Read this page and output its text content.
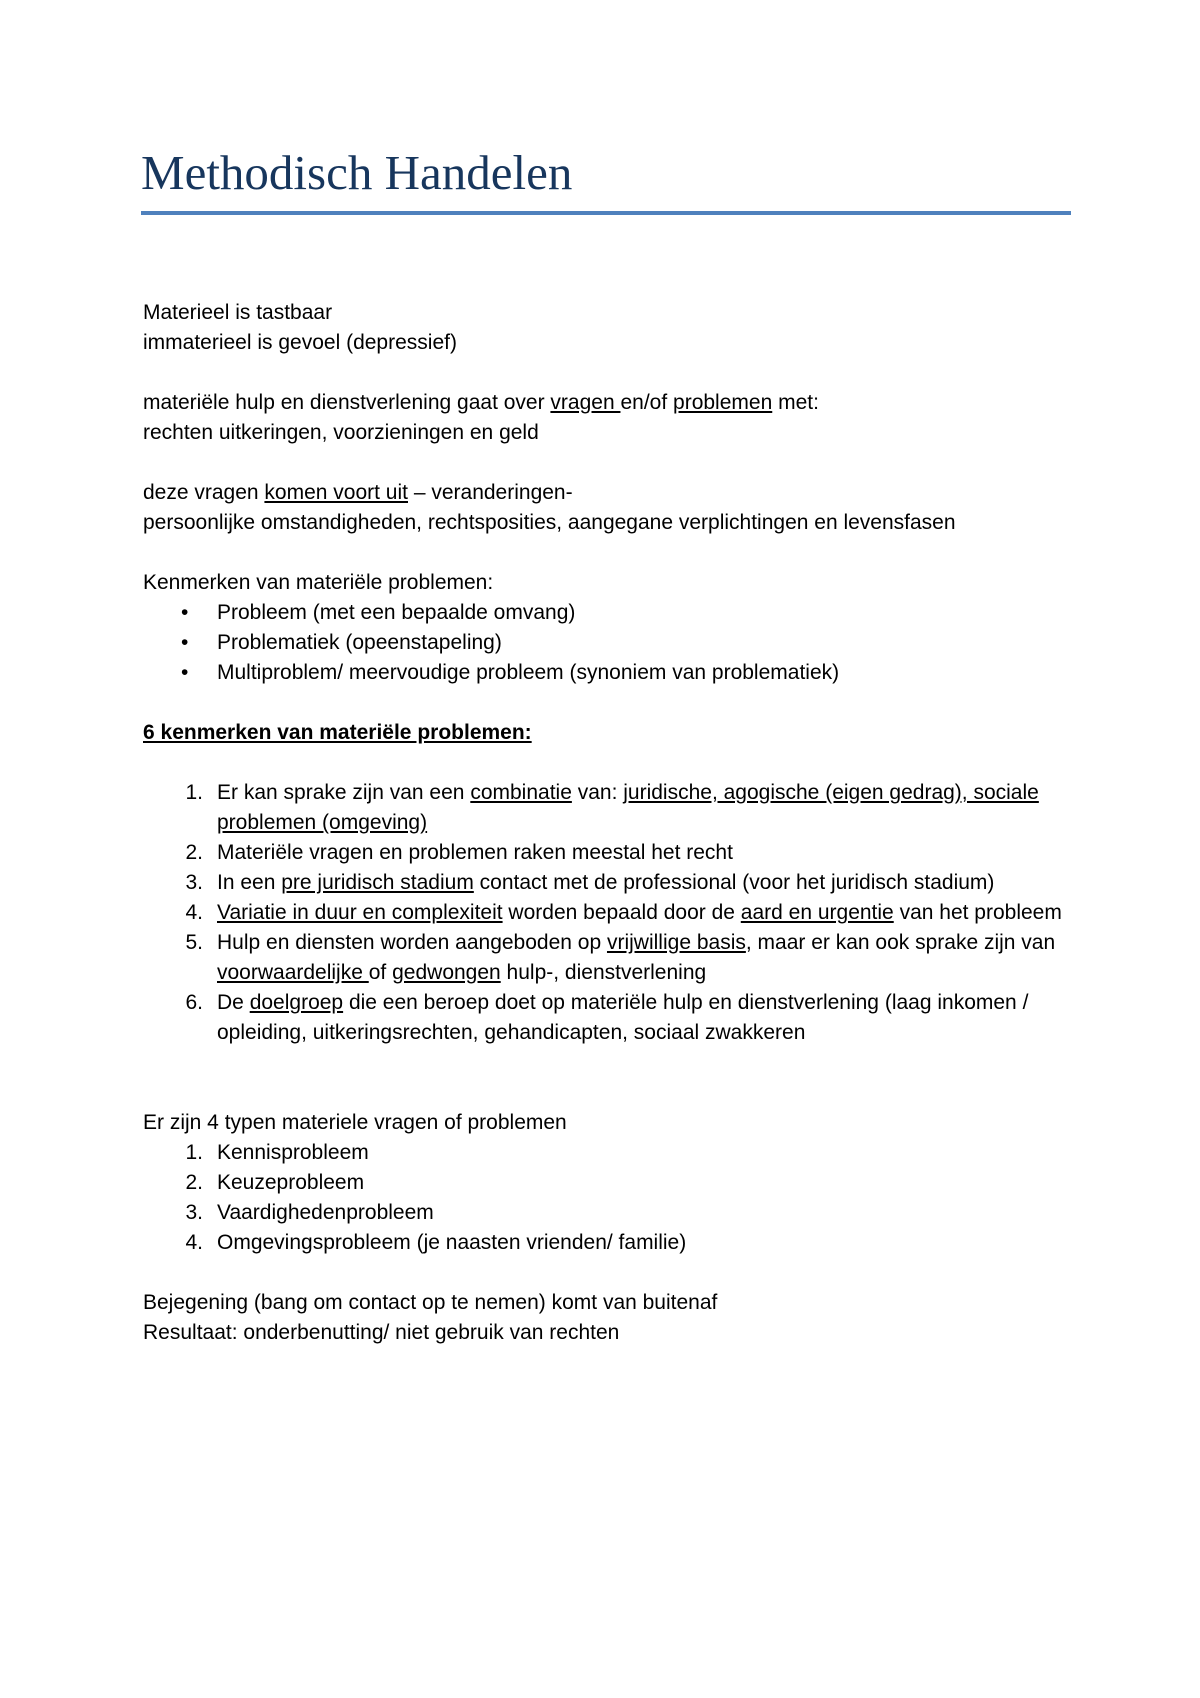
Methodisch Handelen

Materieel is tastbaar

immaterieel is gevoel (depressief)

materiële hulp en dienstverlening gaat over vragen en/of problemen met:

rechten uitkeringen, voorzieningen en geld

deze vragen komen voort uit – veranderingen-

persoonlijke omstandigheden, rechtsposities, aangegane verplichtingen en levensfasen

Kenmerken van materiële problemen:

•	Probleem (met een bepaalde omvang)
•	Problematiek (opeenstapeling)
•	Multiproblem/ meervoudige probleem (synoniem van problematiek)

6 kenmerken van materiële problemen:

1. Er kan sprake zijn van een combinatie van: juridische, agogische (eigen gedrag), sociale problemen (omgeving)
2. Materiële vragen en problemen raken meestal het recht
3. In een pre juridisch stadium contact met de professional (voor het juridisch stadium)
4. Variatie in duur en complexiteit worden bepaald door de aard en urgentie van het probleem
5. Hulp en diensten worden aangeboden op vrijwillige basis, maar er kan ook sprake zijn van voorwaardelijke of gedwongen hulp-, dienstverlening
6. De doelgroep die een beroep doet op materiële hulp en dienstverlening (laag inkomen / opleiding, uitkeringsrechten, gehandicapten, sociaal zwakkeren

Er zijn 4 typen materiele vragen of problemen

1. Kennisprobleem
2. Keuzeprobleem
3. Vaardighedenprobleem
4. Omgevingsprobleem (je naasten vrienden/ familie)

Bejegening (bang om contact op te nemen) komt van buitenaf

Resultaat: onderbenutting/ niet gebruik van rechten
